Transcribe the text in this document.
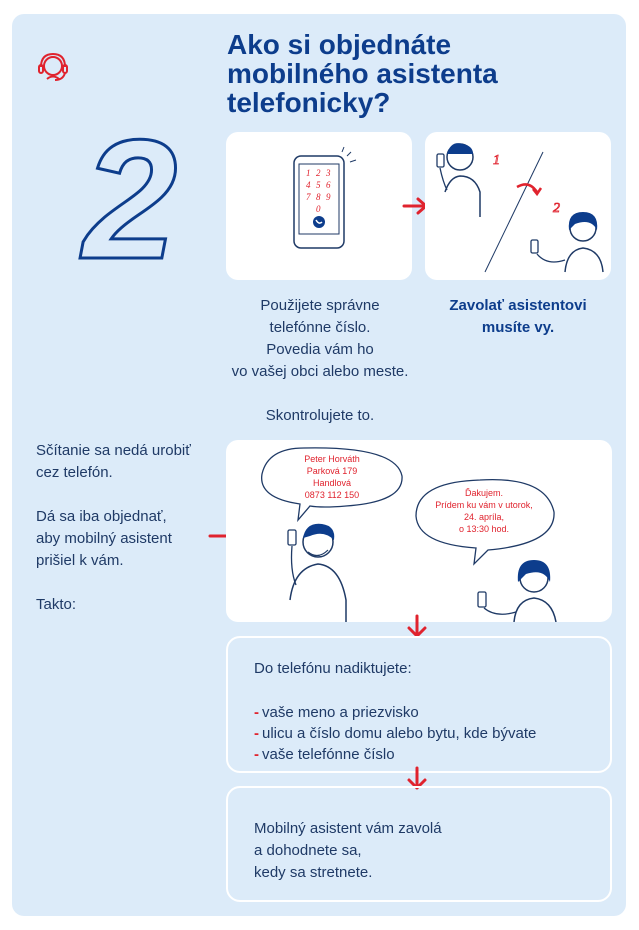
Ako si objednáte
mobilného asistenta
telefonicky?
2	1 2 3
4 5 6
7 8 9
0
1
2
Použijete správne
telefónne číslo.
Povedia vám ho
vo vašej obci alebo meste.
Skontrolujete to.
Zavolať asistentovi
musíte vy.
Sčítanie sa nedá urobiť
cez telefón.
Dá sa iba objednať,
aby mobilný asistent
prišiel k vám.
Takto:
Peter Horváth
Parková 179
Handlová
0873 112 150	Ďakujem.
Prídem ku vám v utorok,
24. apríla,
o 13:30 hod.
Do telefónu nadiktujete:
- vaše meno a priezvisko
- ulicu a číslo domu alebo bytu, kde bývate
- vaše telefónne číslo
Mobilný asistent vám zavolá
a dohodnete sa,
kedy sa stretnete.
